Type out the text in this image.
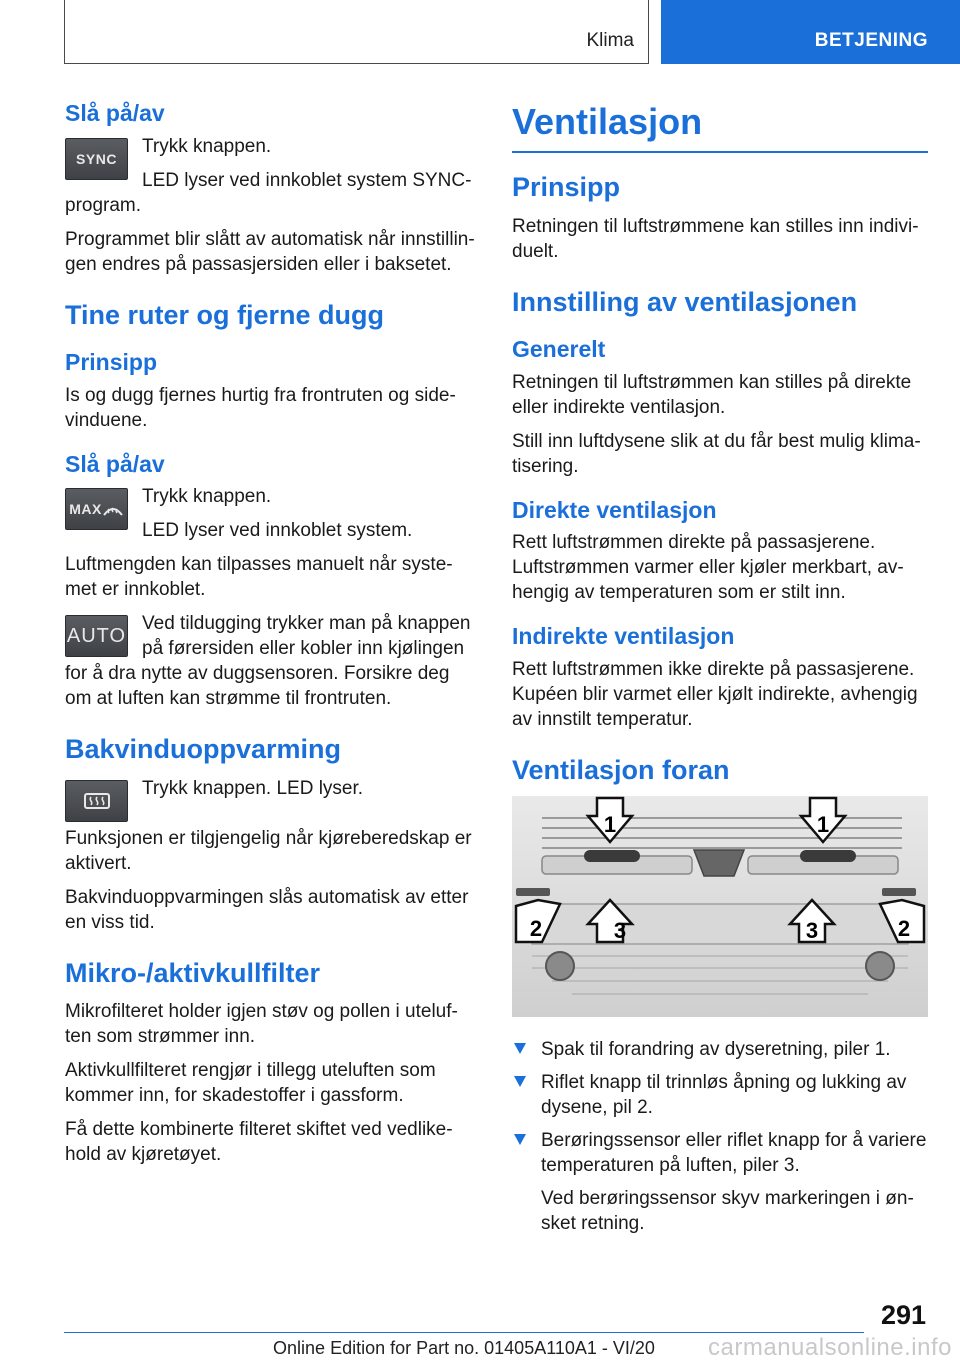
Klima	BETJENING
Slå på/av
SYNC
Trykk knappen.
LED lyser ved innkoblet system SYNC-
program.
Programmet blir slått av automatisk når innstillingen endres på passasjersiden eller i baksetet.
Tine ruter og fjerne dugg
Prinsipp
Is og dugg fjernes hurtig fra frontruten og sidevinduene.
Slå på/av
MAX
Trykk knappen.
LED lyser ved innkoblet system.
Luftmengden kan tilpasses manuelt når systemet er innkoblet.
AUTO
Ved tildugging trykker man på knappen
på førersiden eller kobler inn kjølingen
for å dra nytte av duggsensoren. Forsikre deg om at luften kan strømme til frontruten.
Bakvinduoppvarming
Trykk knappen. LED lyser.
Funksjonen er tilgjengelig når kjøreberedskap er aktivert.
Bakvinduoppvarmingen slås automatisk av etter en viss tid.
Mikro-/aktivkullfilter
Mikrofilteret holder igjen støv og pollen i uteluften som strømmer inn.
Aktivkullfilteret rengjør i tillegg uteluften som kommer inn, for skadestoffer i gassform.
Få dette kombinerte filteret skiftet ved vedlikehold av kjøretøyet.
Ventilasjon
Prinsipp
Retningen til luftstrømmene kan stilles inn individuelt.
Innstilling av ventilasjonen
Generelt
Retningen til luftstrømmen kan stilles på direkte eller indirekte ventilasjon.
Still inn luftdysene slik at du får best mulig klimatisering.
Direkte ventilasjon
Rett luftstrømmen direkte på passasjerene. Luftstrømmen varmer eller kjøler merkbart, avhengig av temperaturen som er stilt inn.
Indirekte ventilasjon
Rett luftstrømmen ikke direkte på passasjerene. Kupéen blir varmet eller kjølt indirekte, avhengig av innstilt temperatur.
Ventilasjon foran
1	1
2	3	3	2
Spak til forandring av dyseretning, piler 1.
Riflet knapp til trinnløs åpning og lukking av dysene, pil 2.
Berøringssensor eller riflet knapp for å variere temperaturen på luften, piler 3.
Ved berøringssensor skyv markeringen i ønsket retning.
291
Online Edition for Part no. 01405A110A1 - VI/20	carmanualsonline.info
